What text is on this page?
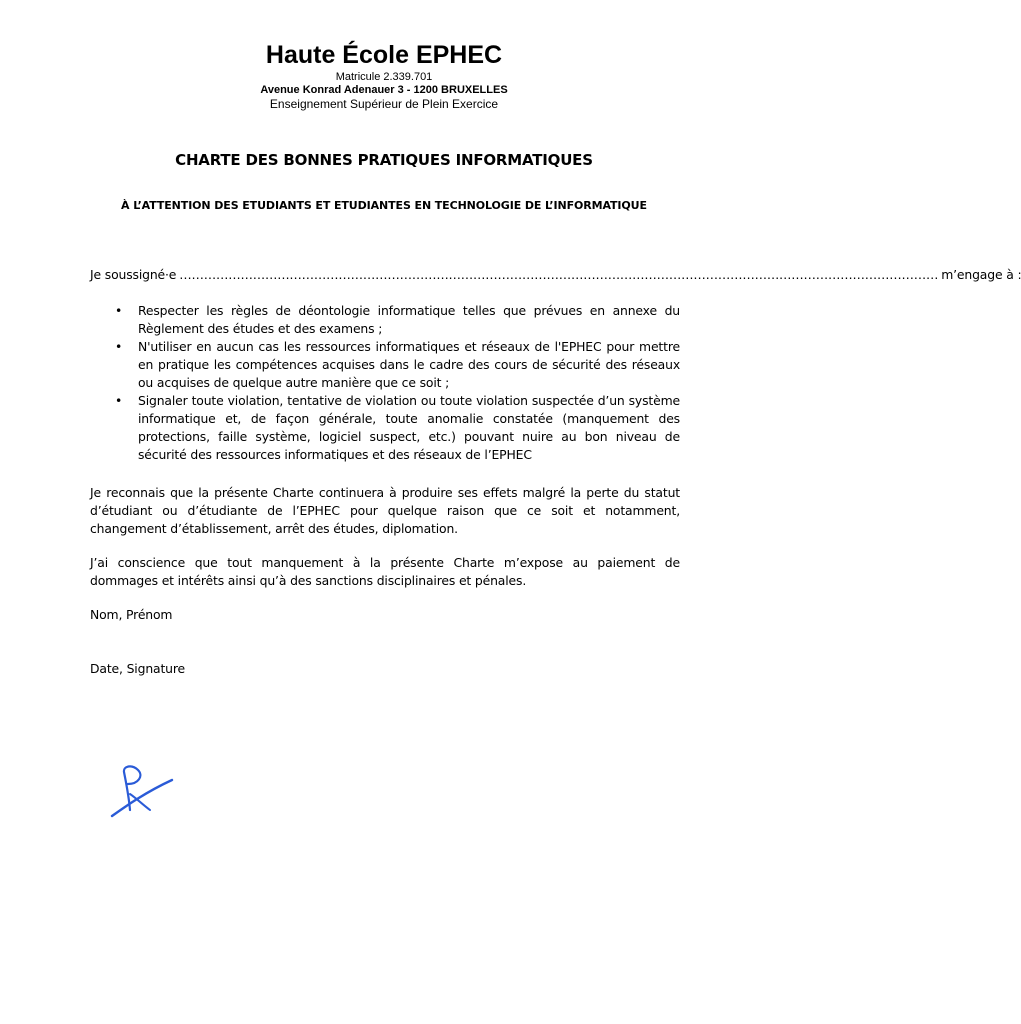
Haute École EPHEC

Matricule 2.339.701

Avenue Konrad Adenauer 3 - 1200 BRUXELLES

Enseignement Supérieur de Plein Exercice

CHARTE DES BONNES PRATIQUES INFORMATIQUES
À L’ATTENTION DES ETUDIANTS ET ETUDIANTES EN TECHNOLOGIE DE L’INFORMATIQUE
Je soussigné·e …………………………………………………………………………………………………………………………………………………………………… m’engage à :
• Respecter les règles de déontologie informatique telles que prévues en annexe du Règlement des études et des examens ;
• N'utiliser en aucun cas les ressources informatiques et réseaux de l'EPHEC pour mettre en pratique les compétences acquises dans le cadre des cours de sécurité des réseaux ou acquises de quelque autre manière que ce soit ;
• Signaler toute violation, tentative de violation ou toute violation suspectée d’un système informatique et, de façon générale, toute anomalie constatée (manquement des protections, faille système, logiciel suspect, etc.) pouvant nuire au bon niveau de sécurité des ressources informatiques et des réseaux de l’EPHEC

Je reconnais que la présente Charte continuera à produire ses effets malgré la perte du statut d’étudiant ou d’étudiante de l’EPHEC pour quelque raison que ce soit et notamment, changement d’établissement, arrêt des études, diplomation.

J’ai conscience que tout manquement à la présente Charte m’expose au paiement de dommages et intérêts ainsi qu’à des sanctions disciplinaires et pénales.

Nom, Prénom

Date, Signature
